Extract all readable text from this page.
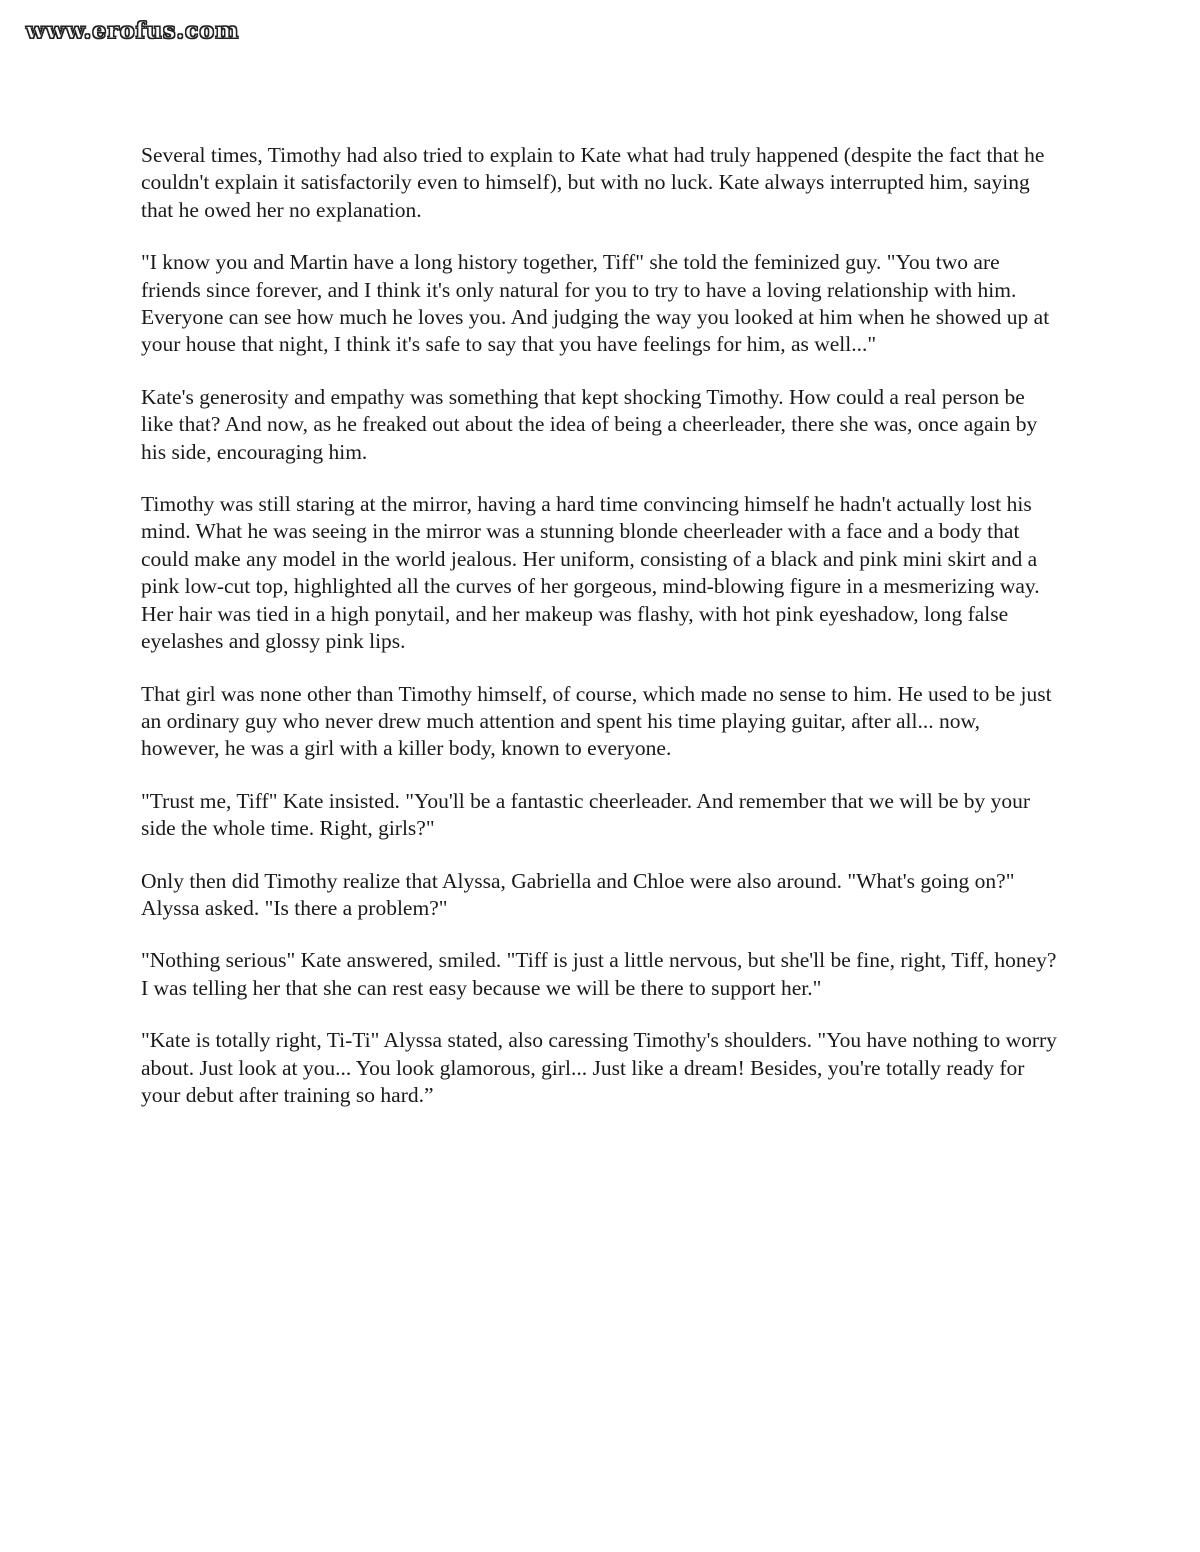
www.erofus.com

Several times, Timothy had also tried to explain to Kate what had truly happened (despite the fact that he couldn't explain it satisfactorily even to himself), but with no luck. Kate always interrupted him, saying that he owed her no explanation.

"I know you and Martin have a long history together, Tiff" she told the feminized guy. "You two are friends since forever, and I think it's only natural for you to try to have a loving relationship with him. Everyone can see how much he loves you. And judging the way you looked at him when he showed up at your house that night, I think it's safe to say that you have feelings for him, as well..."

Kate's generosity and empathy was something that kept shocking Timothy. How could a real person be like that? And now, as he freaked out about the idea of being a cheerleader, there she was, once again by his side, encouraging him.

Timothy was still staring at the mirror, having a hard time convincing himself he hadn't actually lost his mind. What he was seeing in the mirror was a stunning blonde cheerleader with a face and a body that could make any model in the world jealous. Her uniform, consisting of a black and pink mini skirt and a pink low-cut top, highlighted all the curves of her gorgeous, mind-blowing figure in a mesmerizing way. Her hair was tied in a high ponytail, and her makeup was flashy, with hot pink eyeshadow, long false eyelashes and glossy pink lips.

That girl was none other than Timothy himself, of course, which made no sense to him. He used to be just an ordinary guy who never drew much attention and spent his time playing guitar, after all... now, however, he was a girl with a killer body, known to everyone.

"Trust me, Tiff" Kate insisted. "You'll be a fantastic cheerleader. And remember that we will be by your side the whole time. Right, girls?"

Only then did Timothy realize that Alyssa, Gabriella and Chloe were also around. "What's going on?" Alyssa asked. "Is there a problem?"

"Nothing serious" Kate answered, smiled. "Tiff is just a little nervous, but she'll be fine, right, Tiff, honey? I was telling her that she can rest easy because we will be there to support her."

"Kate is totally right, Ti-Ti" Alyssa stated, also caressing Timothy's shoulders. "You have nothing to worry about. Just look at you... You look glamorous, girl... Just like a dream! Besides, you're totally ready for your debut after training so hard.”
